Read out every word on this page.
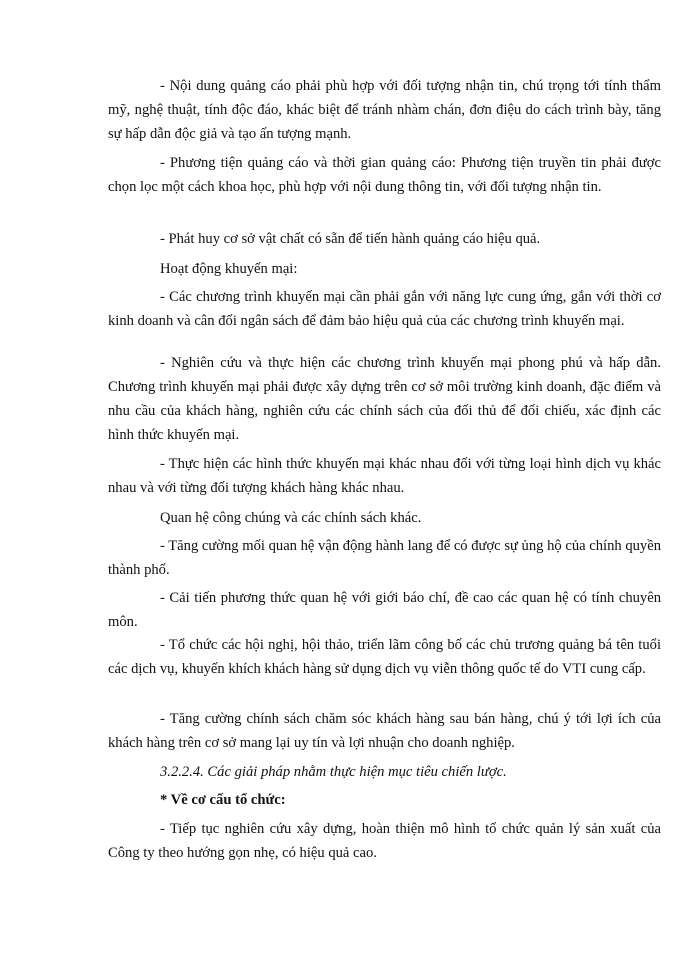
- Nội dung quảng cáo phải phù hợp với đối tượng nhận tin, chú trọng tới tính thẩm mỹ, nghệ thuật, tính độc đáo, khác biệt để tránh nhàm chán, đơn điệu do cách trình bày, tăng sự hấp dẫn độc giả và tạo ấn tượng mạnh.

- Phương tiện quảng cáo và thời gian quảng cáo: Phương tiện truyền tin phải được chọn lọc một cách khoa học, phù hợp với nội dung thông tin, với đối tượng nhận tin.

- Phát huy cơ sở vật chất có sẵn để tiến hành quảng cáo hiệu quả.

Hoạt động khuyến mại:

- Các chương trình khuyến mại cần phải gắn với năng lực cung ứng, gắn với thời cơ kinh doanh và cân đối ngân sách để đảm bảo hiệu quả của các chương trình khuyến mại.

- Nghiên cứu và thực hiện các chương trình khuyến mại phong phú và hấp dẫn. Chương trình khuyến mại phải được xây dựng trên cơ sở môi trường kinh doanh, đặc điểm và nhu cầu của khách hàng, nghiên cứu các chính sách của đối thủ để đối chiếu, xác định các hình thức khuyến mại.

- Thực hiện các hình thức khuyến mại khác nhau đối với từng loại hình dịch vụ khác nhau và với từng đối tượng khách hàng khác nhau.

Quan hệ công chúng và các chính sách khác.

- Tăng cường mối quan hệ vận động hành lang để có được sự ủng hộ của chính quyền thành phố.

- Cải tiến phương thức quan hệ với giới báo chí, đề cao các quan hệ có tính chuyên môn.

- Tổ chức các hội nghị, hội thảo, triển lãm công bố các chủ trương quảng bá tên tuổi các dịch vụ, khuyến khích khách hàng sử dụng dịch vụ viễn thông quốc tế do VTI cung cấp.

- Tăng cường chính sách chăm sóc khách hàng sau bán hàng, chú ý tới lợi ích của khách hàng trên cơ sở mang lại uy tín và lợi nhuận cho doanh nghiệp.

3.2.2.4. Các giải pháp nhằm thực hiện mục tiêu chiến lược.

* Về cơ cấu tổ chức:

- Tiếp tục nghiên cứu xây dựng, hoàn thiện mô hình tổ chức quản lý sản xuất của Công ty theo hướng gọn nhẹ, có hiệu quả cao.
